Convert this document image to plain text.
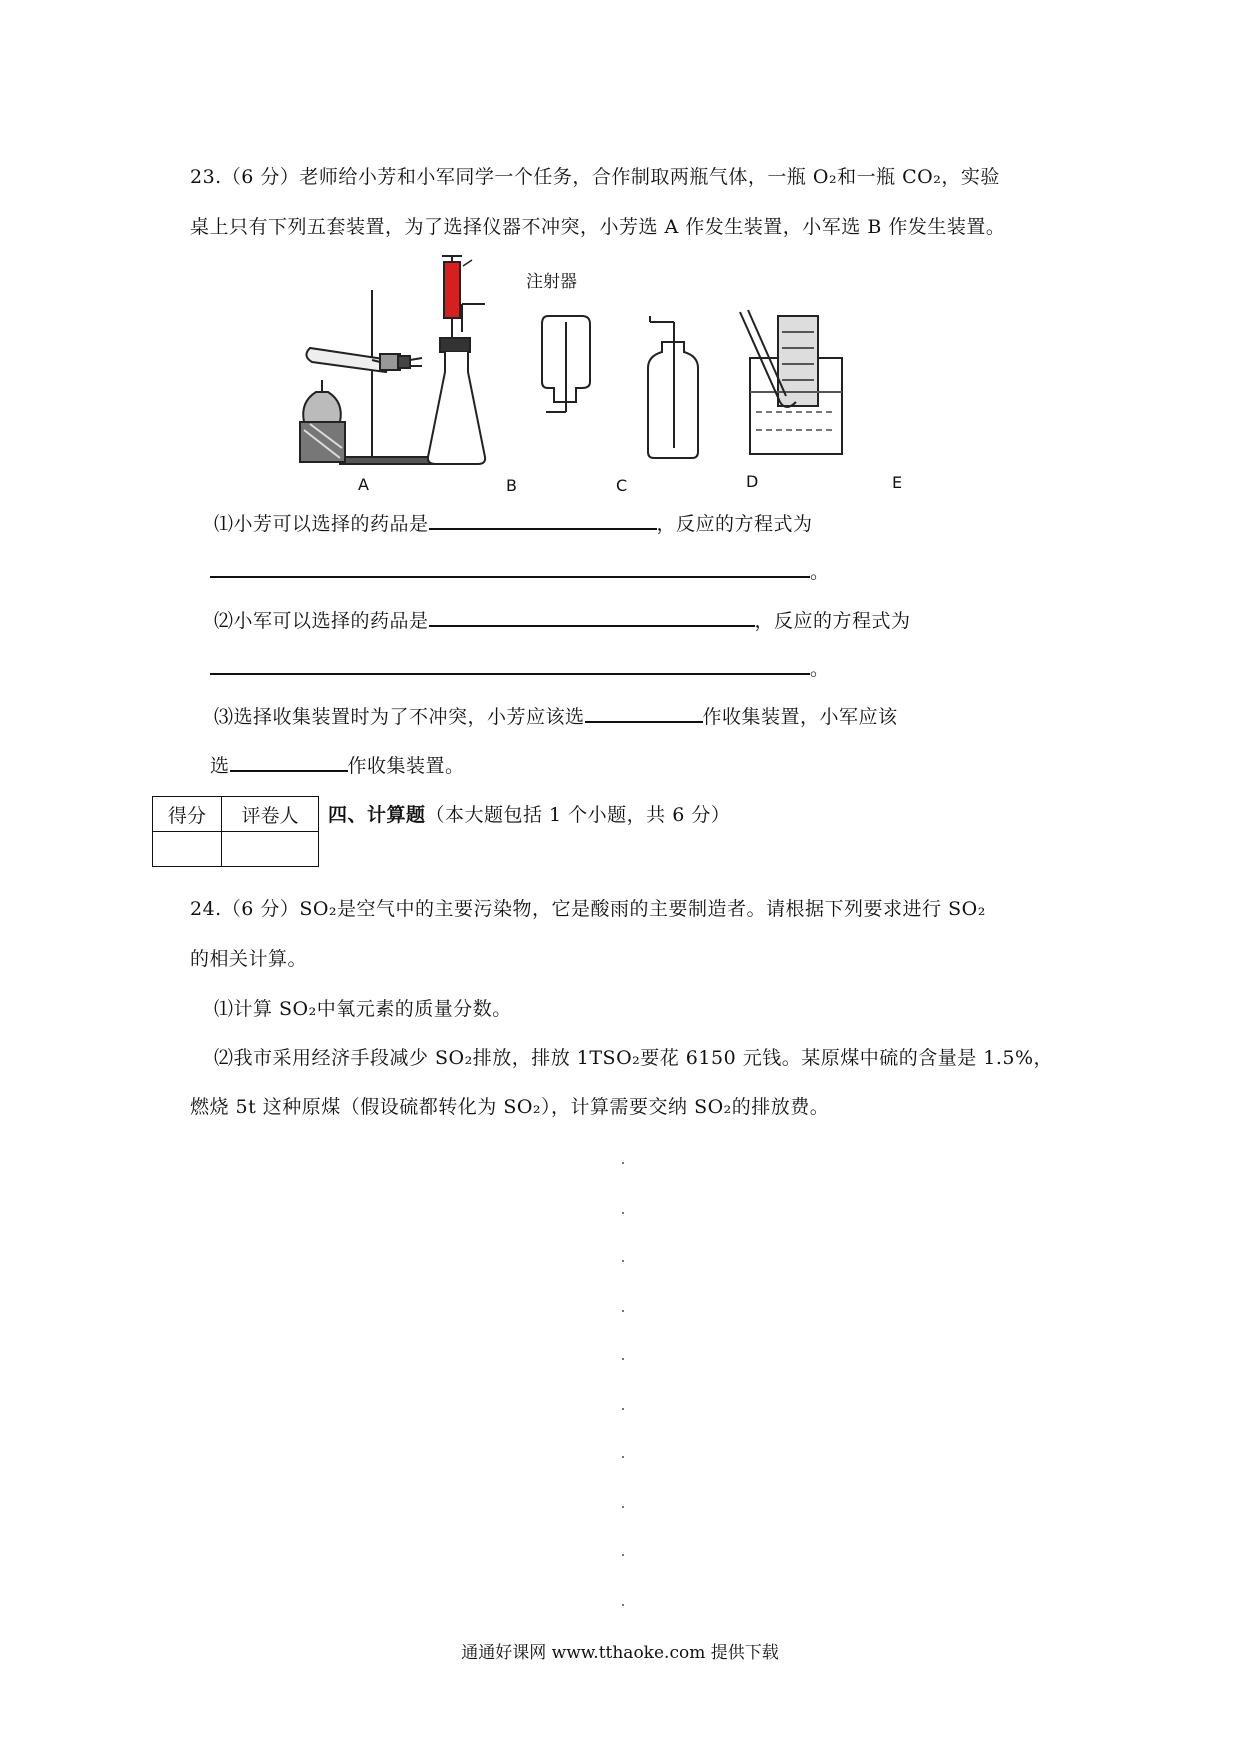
23.（6 分）老师给小芳和小军同学一个任务，合作制取两瓶气体，一瓶 O₂和一瓶 CO₂，实验
桌上只有下列五套装置，为了选择仪器不冲突，小芳选 A 作发生装置，小军选 B 作发生装置。
注射器
A	B	C	D	E
⑴小芳可以选择的药品是	，反应的方程式为
。
⑵小军可以选择的药品是	，反应的方程式为
。
⑶选择收集装置时为了不冲突，小芳应该选	作收集装置，小军应该
选	作收集装置。
得分	评卷人
	四、计算题（本大题包括 1 个小题，共 6 分）
24.（6 分）SO₂是空气中的主要污染物，它是酸雨的主要制造者。请根据下列要求进行 SO₂
的相关计算。
⑴计算 SO₂中氧元素的质量分数。
⑵我市采用经济手段减少 SO₂排放，排放 1TSO₂要花 6150 元钱。某原煤中硫的含量是 1.5%，
燃烧 5t 这种原煤（假设硫都转化为 SO₂），计算需要交纳 SO₂的排放费。
通通好课网 www.tthaoke.com 提供下载
